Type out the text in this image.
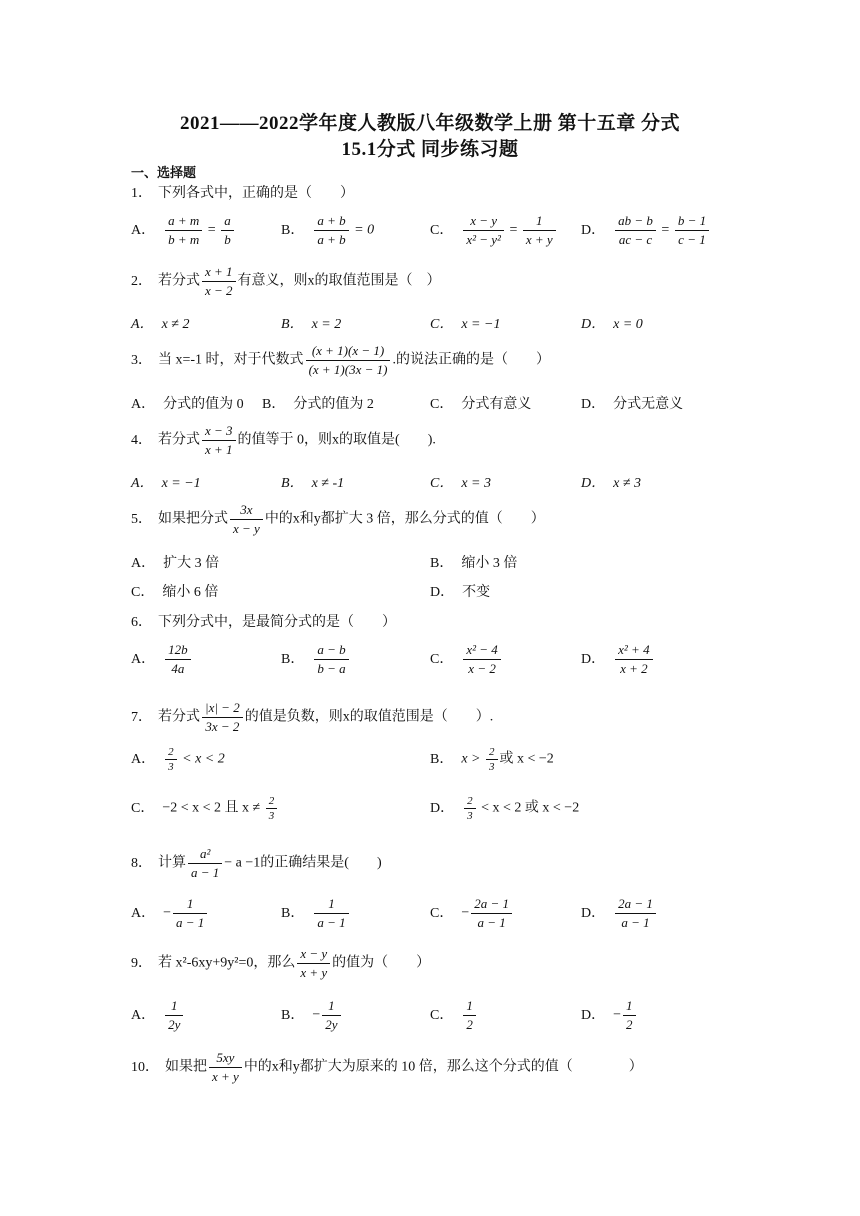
2021——2022学年度人教版八年级数学上册 第十五章 分式
15.1分式 同步练习题
一、选择题
1． 下列各式中，正确的是（　　）
A． $\frac{a + m}{b + m} = \frac{a}{b}$	B． $\frac{a + b}{a + b} = 0$	C． $\frac{x - y}{\text{x² − y²}} = \frac{1}{x + y}$ D． $\frac{ab - b}{ac - c} = \frac{b - 1}{c - 1}$
2． 若分式 $\frac{x + 1}{x - 2}$ 有意义，则x的取值范围是（　）
A． x ≠ 2	B． x = 2	C． x = −1	D． x = 0
3． 当 x=-1 时，对于代数式 $\frac{(x + 1)(x - 1)}{(x + 1)(3x - 1)}$ .的说法正确的是（　　）
A． 分式的值为 0 B． 分式的值为 2	C． 分式有意义	D． 分式无意义
4． 若分式 $\frac{x - 3}{x + 1}$ 的值等于 0，则x的取值是(　　).
A． x = −1	B． x ≠ -1	C． x = 3	D． x ≠ 3
5． 如果把分式 $\frac{3x}{x - y}$ 中的x和y都扩大 3 倍，那么分式的值（　　）
A． 扩大 3 倍	B． 缩小 3 倍
C． 缩小 6 倍	D． 不变
6． 下列分式中，是最简分式的是（　　）
A． $\frac{12b}{4a}$	B． $\frac{a - b}{b - a}$	C． $\frac{\text{x² − 4}}{x - 2}$	D． $\frac{\text{x² + 4}}{x + 2}$
7． 若分式 $\frac{|x| - 2}{3x - 2}$ 的值是负数，则x的取值范围是（　　）.
A． $\frac{2}{3} < x < 2$	B． $x > \frac{2}{3}$ 或 x < −2
C． −2 < x < 2 且 $x \ne \frac{2}{3}$	D． $\frac{2}{3} < x < 2$ 或 x < −2
8． 计算 $\frac{\text{a²}}{a - 1} - a -1$的正确结果是(　　)
A． − $\frac{1}{a - 1}$	B． $\frac{1}{a - 1}$	C． − $\frac{2a - 1}{a - 1}$	D． $\frac{2a - 1}{a - 1}$
9． 若 x²-6xy+9y²=0，那么 $\frac{x - y}{x + y}$ 的值为（　　）
A． $\frac{1}{2y}$	B． − $\frac{1}{2y}$	C． $\frac{1}{2}$	D． − $\frac{1}{2}$
10． 如果把 $\frac{5xy}{x + y}$ 中的x和y都扩大为原来的 10 倍，那么这个分式的值（　　　　）
